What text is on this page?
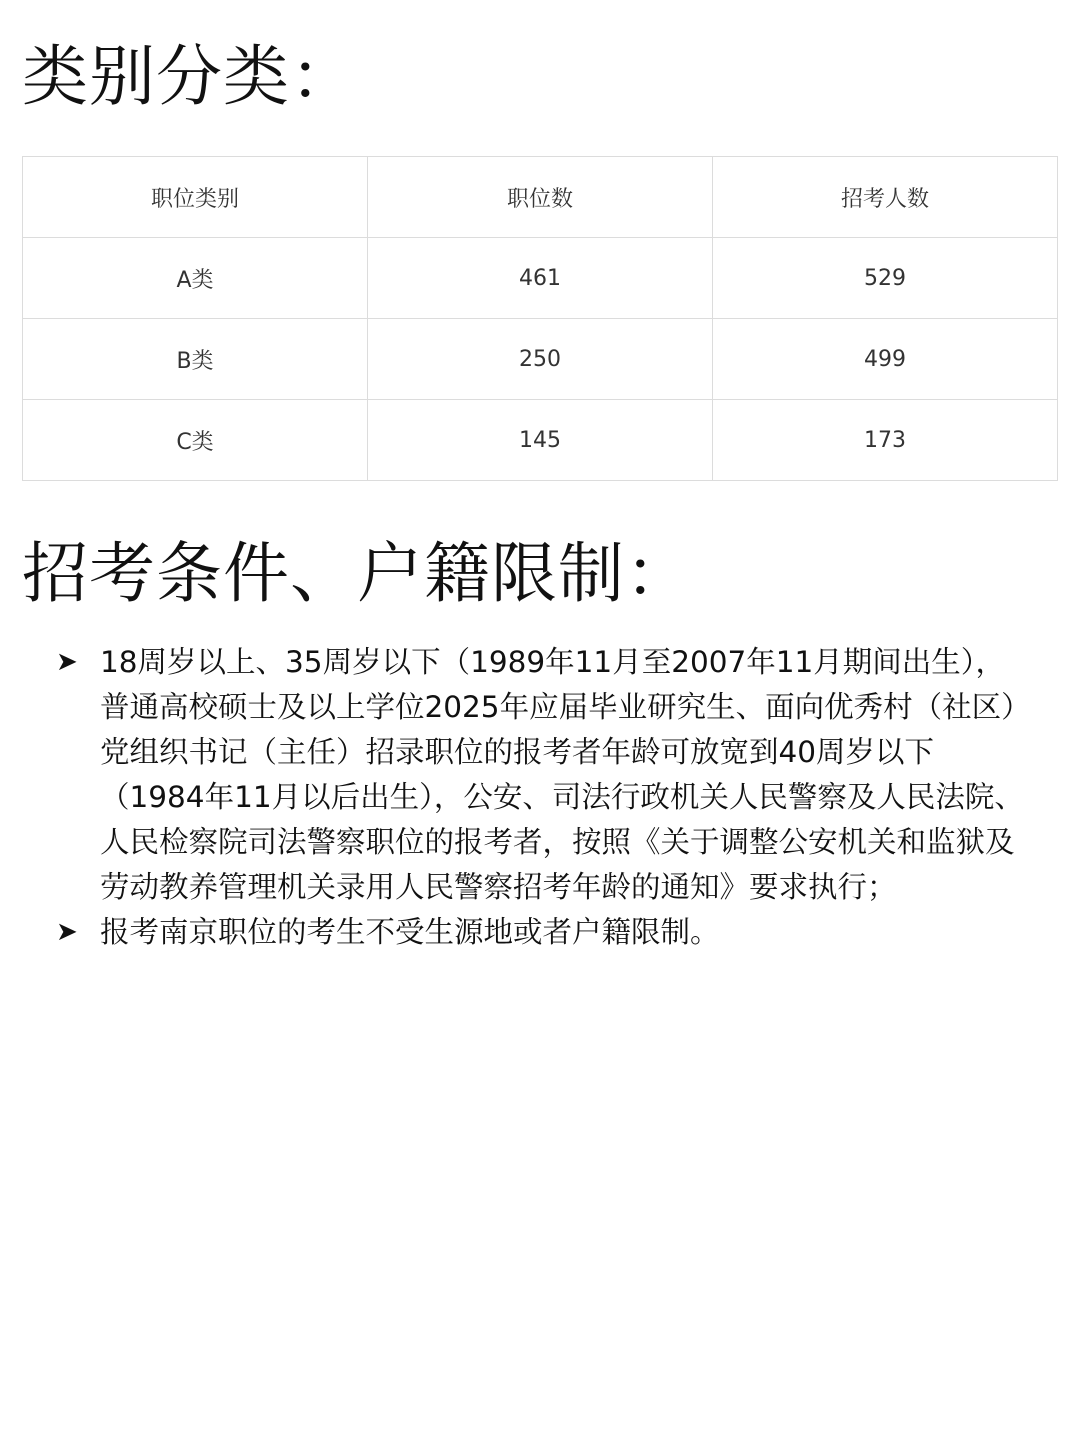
类别分类：
职位类别	职位数	招考人数
A类	461	529
B类	250	499
C类	145	173
招考条件、户籍限制：
➤ 18周岁以上、35周岁以下（1989年11月至2007年11月期间出生），普通高校硕士及以上学位2025年应届毕业研究生、面向优秀村（社区）党组织书记（主任）招录职位的报考者年龄可放宽到40周岁以下（1984年11月以后出生），公安、司法行政机关人民警察及人民法院、人民检察院司法警察职位的报考者，按照《关于调整公安机关和监狱及劳动教养管理机关录用人民警察招考年龄的通知》要求执行；
➤ 报考南京职位的考生不受生源地或者户籍限制。
